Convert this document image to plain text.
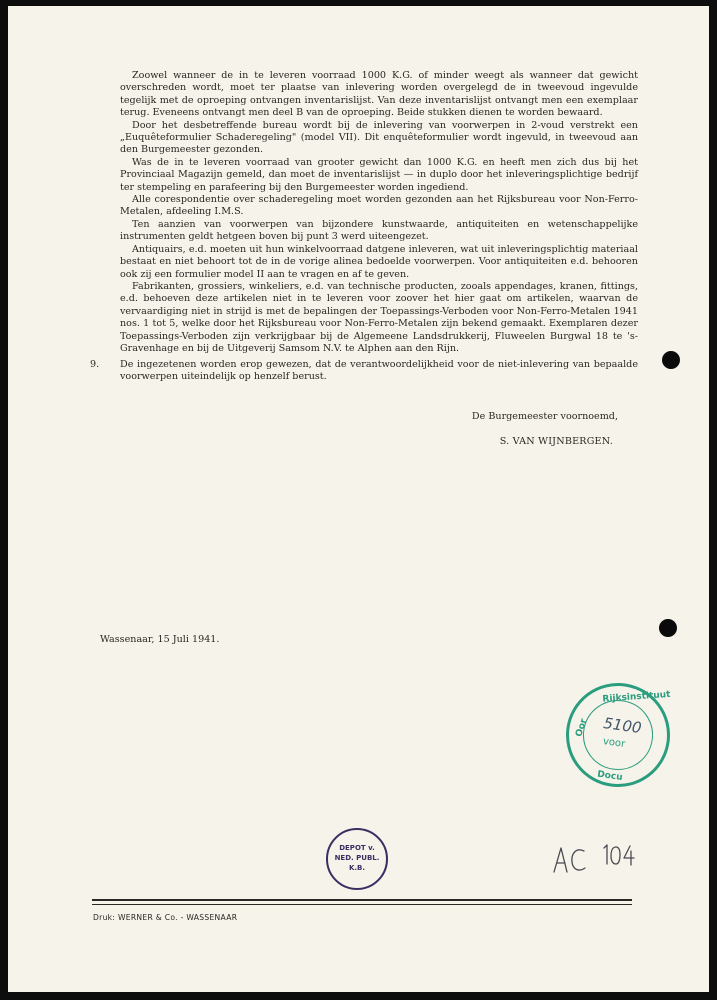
Zoowel wanneer de in te leveren voorraad 1000 K.G. of minder weegt als wanneer dat gewicht overschreden wordt, moet ter plaatse van inlevering worden overgelegd de in tweevoud ingevulde tegelijk met de oproeping ontvangen inventarislijst. Van deze inventarislijst ontvangt men een exemplaar terug. Eveneens ontvangt men deel B van de oproeping. Beide stukken dienen te worden bewaard.

Door het desbetreffende bureau wordt bij de inlevering van voorwerpen in 2-voud verstrekt een „Euquêteformulier Schaderegeling" (model VII). Dit enquêteformulier wordt ingevuld, in tweevoud aan den Burgemeester gezonden.

Was de in te leveren voorraad van grooter gewicht dan 1000 K.G. en heeft men zich dus bij het Provinciaal Magazijn gemeld, dan moet de inventarislijst — in duplo door het inleveringsplichtige bedrijf ter stempeling en parafeering bij den Burgemeester worden ingediend.

Alle corespondentie over schaderegeling moet worden gezonden aan het Rijksbureau voor Non-Ferro-Metalen, afdeeling I.M.S.

Ten aanzien van voorwerpen van bijzondere kunstwaarde, antiquiteiten en wetenschappelijke instrumenten geldt hetgeen boven bij punt 3 werd uiteengezet.

Antiquairs, e.d. moeten uit hun winkelvoorraad datgene inleveren, wat uit inleveringsplichtig materiaal bestaat en niet behoort tot de in de vorige alinea bedoelde voorwerpen. Voor antiquiteiten e.d. behooren ook zij een formulier model II aan te vragen en af te geven.

Fabrikanten, grossiers, winkeliers, e.d. van technische producten, zooals appendages, kranen, fittings, e.d. behoeven deze artikelen niet in te leveren voor zoover het hier gaat om artikelen, waarvan de vervaardiging niet in strijd is met de bepalingen der Toepassings-Verboden voor Non-Ferro-Metalen 1941 nos. 1 tot 5, welke door het Rijksbureau voor Non-Ferro-Metalen zijn bekend gemaakt. Exemplaren dezer Toepassings-Verboden zijn verkrijgbaar bij de Algemeene Landsdrukkerij, Fluweelen Burgwal 18 te 's-Gravenhage en bij de Uitgeverij Samsom N.V. te Alphen aan den Rijn.

9. De ingezetenen worden erop gewezen, dat de verantwoordelijkheid voor de niet-inlevering van bepaalde voorwerpen uiteindelijk op henzelf berust.
De Burgemeester voornoemd,
S. VAN WIJNBERGEN.
Wassenaar, 15 Juli 1941.
Rijksinstituut
Oor
Docu
5100
voor
DEPOT v.
NED. PUBL.
K.B.
Druk: WERNER & Co. - WASSENAAR
